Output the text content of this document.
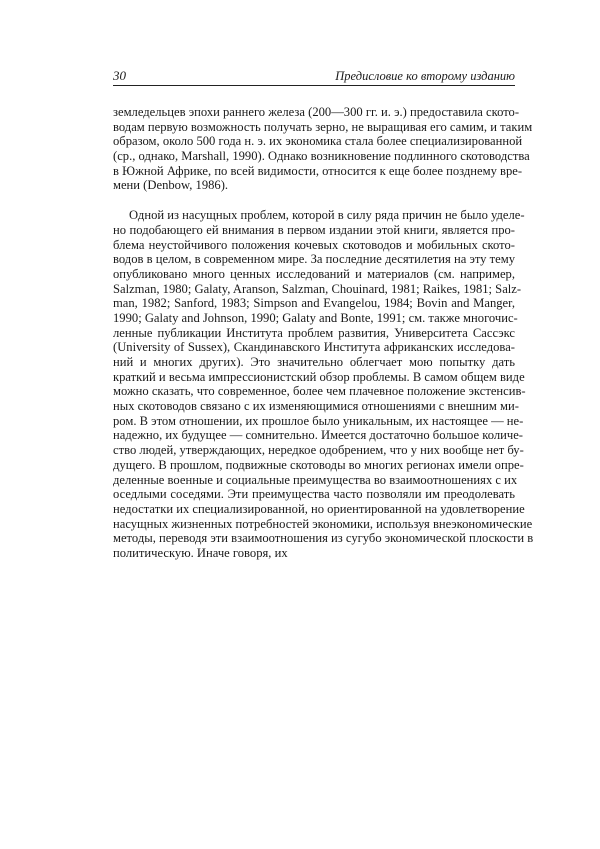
30	Предисловие ко второму изданию
земледельцев эпохи раннего железа (200—300 гг. и. э.) предоставила ското-
водам первую возможность получать зерно, не выращивая его самим, и таким
образом, около 500 года н. э. их экономика стала более специализированной
(ср., однако, Marshall, 1990). Однако возникновение подлинного скотоводства
в Южной Африке, по всей видимости, относится к еще более позднему вре-
мени (Denbow, 1986).
Одной из насущных проблем, которой в силу ряда причин не было уделе-
но подобающего ей внимания в первом издании этой книги, является про-
блема неустойчивого положения кочевых скотоводов и мобильных ското-
водов в целом, в современном мире. За последние десятилетия на эту тему
опубликовано много ценных исследований и материалов (см. например,
Salzman, 1980; Galaty, Aranson, Salzman, Chouinard, 1981; Raikes, 1981; Salz-
man, 1982; Sanford, 1983; Simpson and Evangelou, 1984; Bovin and Manger,
1990; Galaty and Johnson, 1990; Galaty and Bonte, 1991; см. также многочис-
ленные публикации Института проблем развития, Университета Сассэкс
(University of Sussex), Скандинавского Института африканских исследова-
ний и многих других). Это значительно облегчает мою попытку дать
краткий и весьма импрессионистский обзор проблемы. В самом общем виде
можно сказать, что современное, более чем плачевное положение экстенсив-
ных скотоводов связано с их изменяющимися отношениями с внешним ми-
ром. В этом отношении, их прошлое было уникальным, их настоящее — не-
надежно, их будущее — сомнительно. Имеется достаточно большое количе-
ство людей, утверждающих, нередкое одобрением, что у них вообще нет бу-
дущего. В прошлом, подвижные скотоводы во многих регионах имели опре-
деленные военные и социальные преимущества во взаимоотношениях с их
оседлыми соседями. Эти преимущества часто позволяли им преодолевать
недостатки их специализированной, но ориентированной на удовлетворение
насущных жизненных потребностей экономики, используя внеэкономические
методы, переводя эти взаимоотношения из сугубо экономической плоскости в
политическую. Иначе говоря, их
